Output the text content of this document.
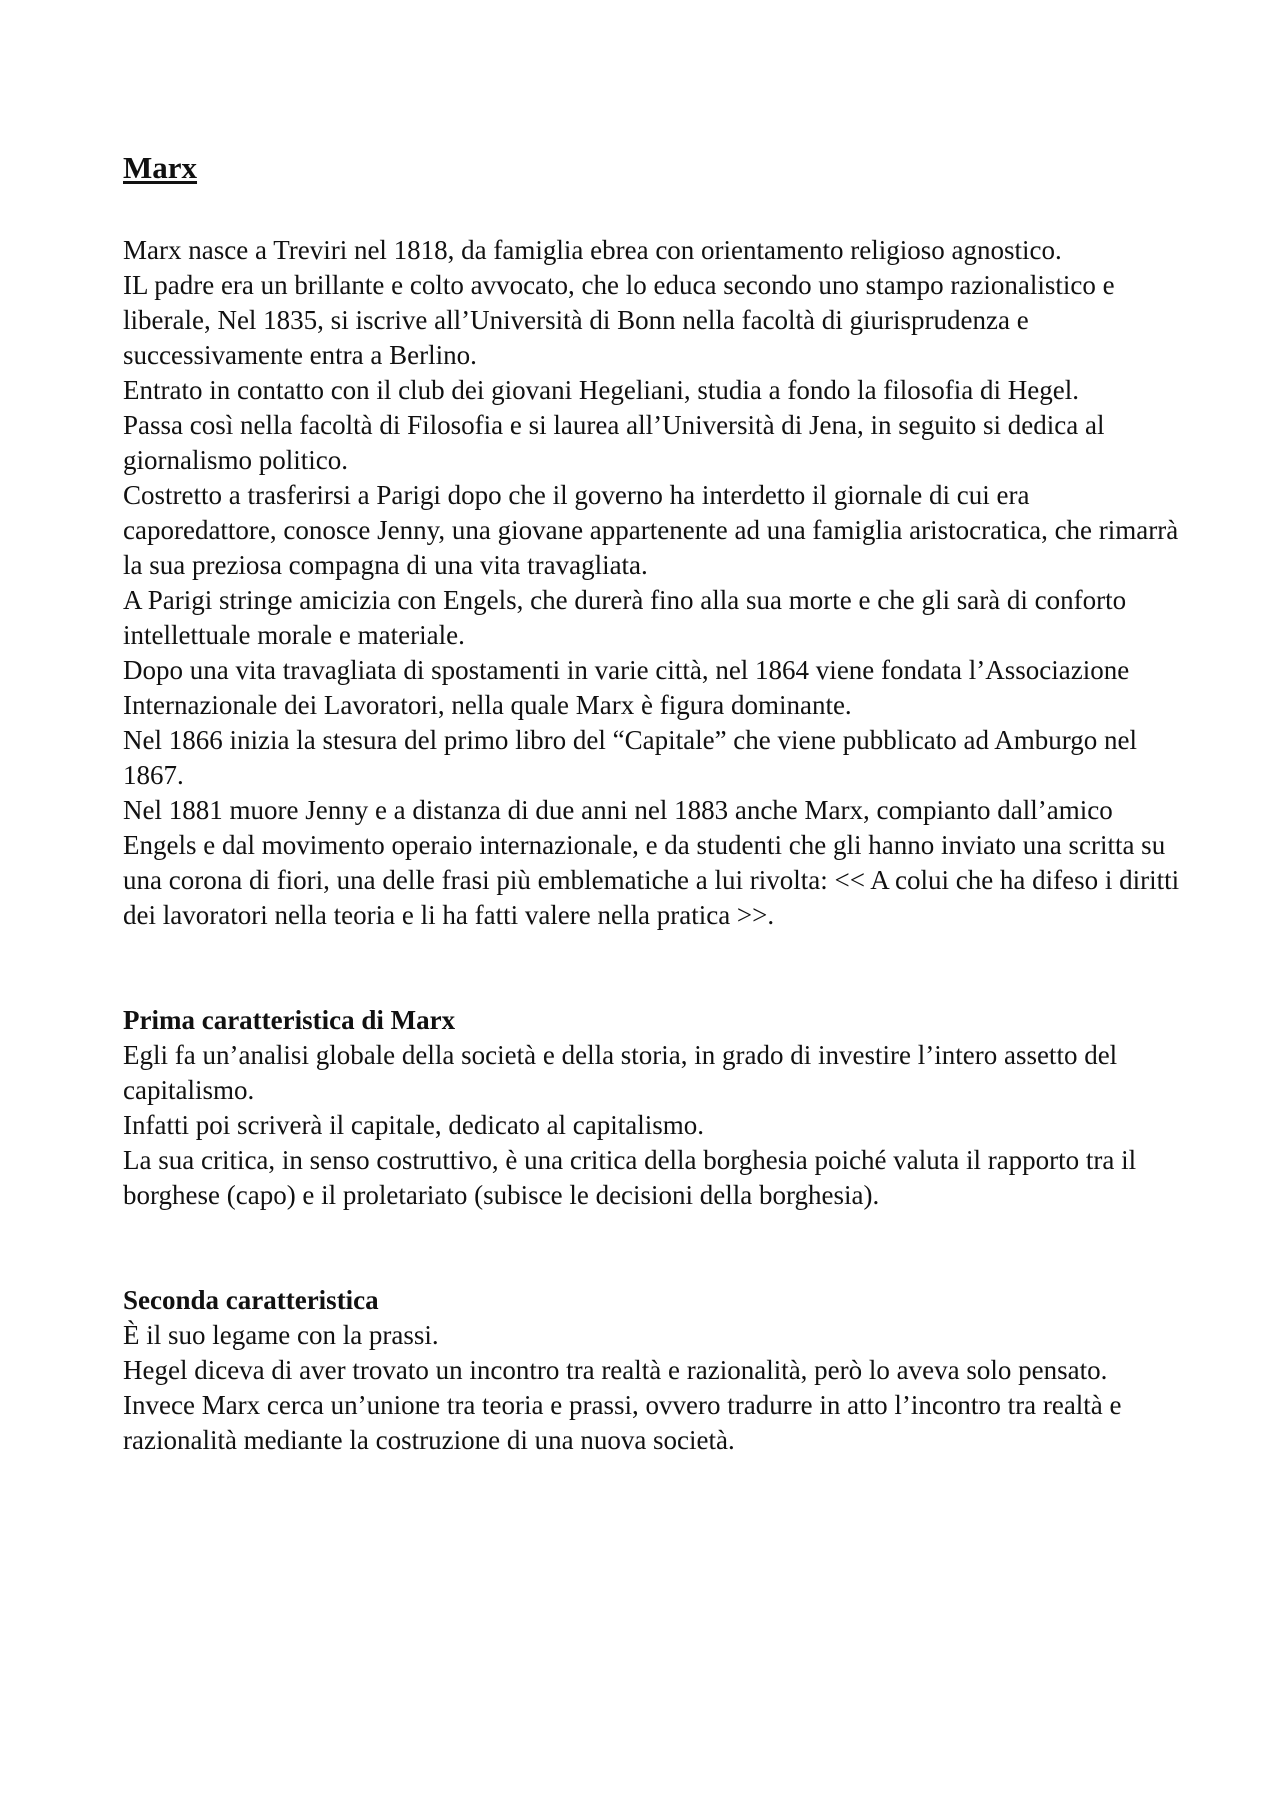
Marx

Marx nasce a Treviri nel 1818, da famiglia ebrea con orientamento religioso agnostico.

IL padre era un brillante e colto avvocato, che lo educa secondo uno stampo razionalistico e liberale, Nel 1835, si iscrive all’Università di Bonn nella facoltà di giurisprudenza e successivamente entra a Berlino.

Entrato in contatto con il club dei giovani Hegeliani, studia a fondo la filosofia di Hegel.

Passa così nella facoltà di Filosofia e si laurea all’Università di Jena, in seguito si dedica al giornalismo politico.

Costretto a trasferirsi a Parigi dopo che il governo ha interdetto il giornale di cui era caporedattore, conosce Jenny, una giovane appartenente ad una famiglia aristocratica, che rimarrà la sua preziosa compagna di una vita travagliata.

A Parigi stringe amicizia con Engels, che durerà fino alla sua morte e che gli sarà di conforto intellettuale morale e materiale.

Dopo una vita travagliata di spostamenti in varie città, nel 1864 viene fondata l’Associazione Internazionale dei Lavoratori, nella quale Marx è figura dominante.

Nel 1866 inizia la stesura del primo libro del “Capitale” che viene pubblicato ad Amburgo nel 1867.

Nel 1881 muore Jenny e a distanza di due anni nel 1883 anche Marx, compianto dall’amico Engels e dal movimento operaio internazionale, e da studenti che gli hanno inviato una scritta su una corona di fiori, una delle frasi più emblematiche a lui rivolta: << A colui che ha difeso i diritti dei lavoratori nella teoria e li ha fatti valere nella pratica >>.

Prima caratteristica di Marx

Egli fa un’analisi globale della società e della storia, in grado di investire l’intero assetto del capitalismo.

Infatti poi scriverà il capitale, dedicato al capitalismo.

La sua critica, in senso costruttivo, è una critica della borghesia poiché valuta il rapporto tra il borghese (capo) e il proletariato (subisce le decisioni della borghesia).

Seconda caratteristica

È il suo legame con la prassi.

Hegel diceva di aver trovato un incontro tra realtà e razionalità, però lo aveva solo pensato.

Invece Marx cerca un’unione tra teoria e prassi, ovvero tradurre in atto l’incontro tra realtà e razionalità mediante la costruzione di una nuova società.
